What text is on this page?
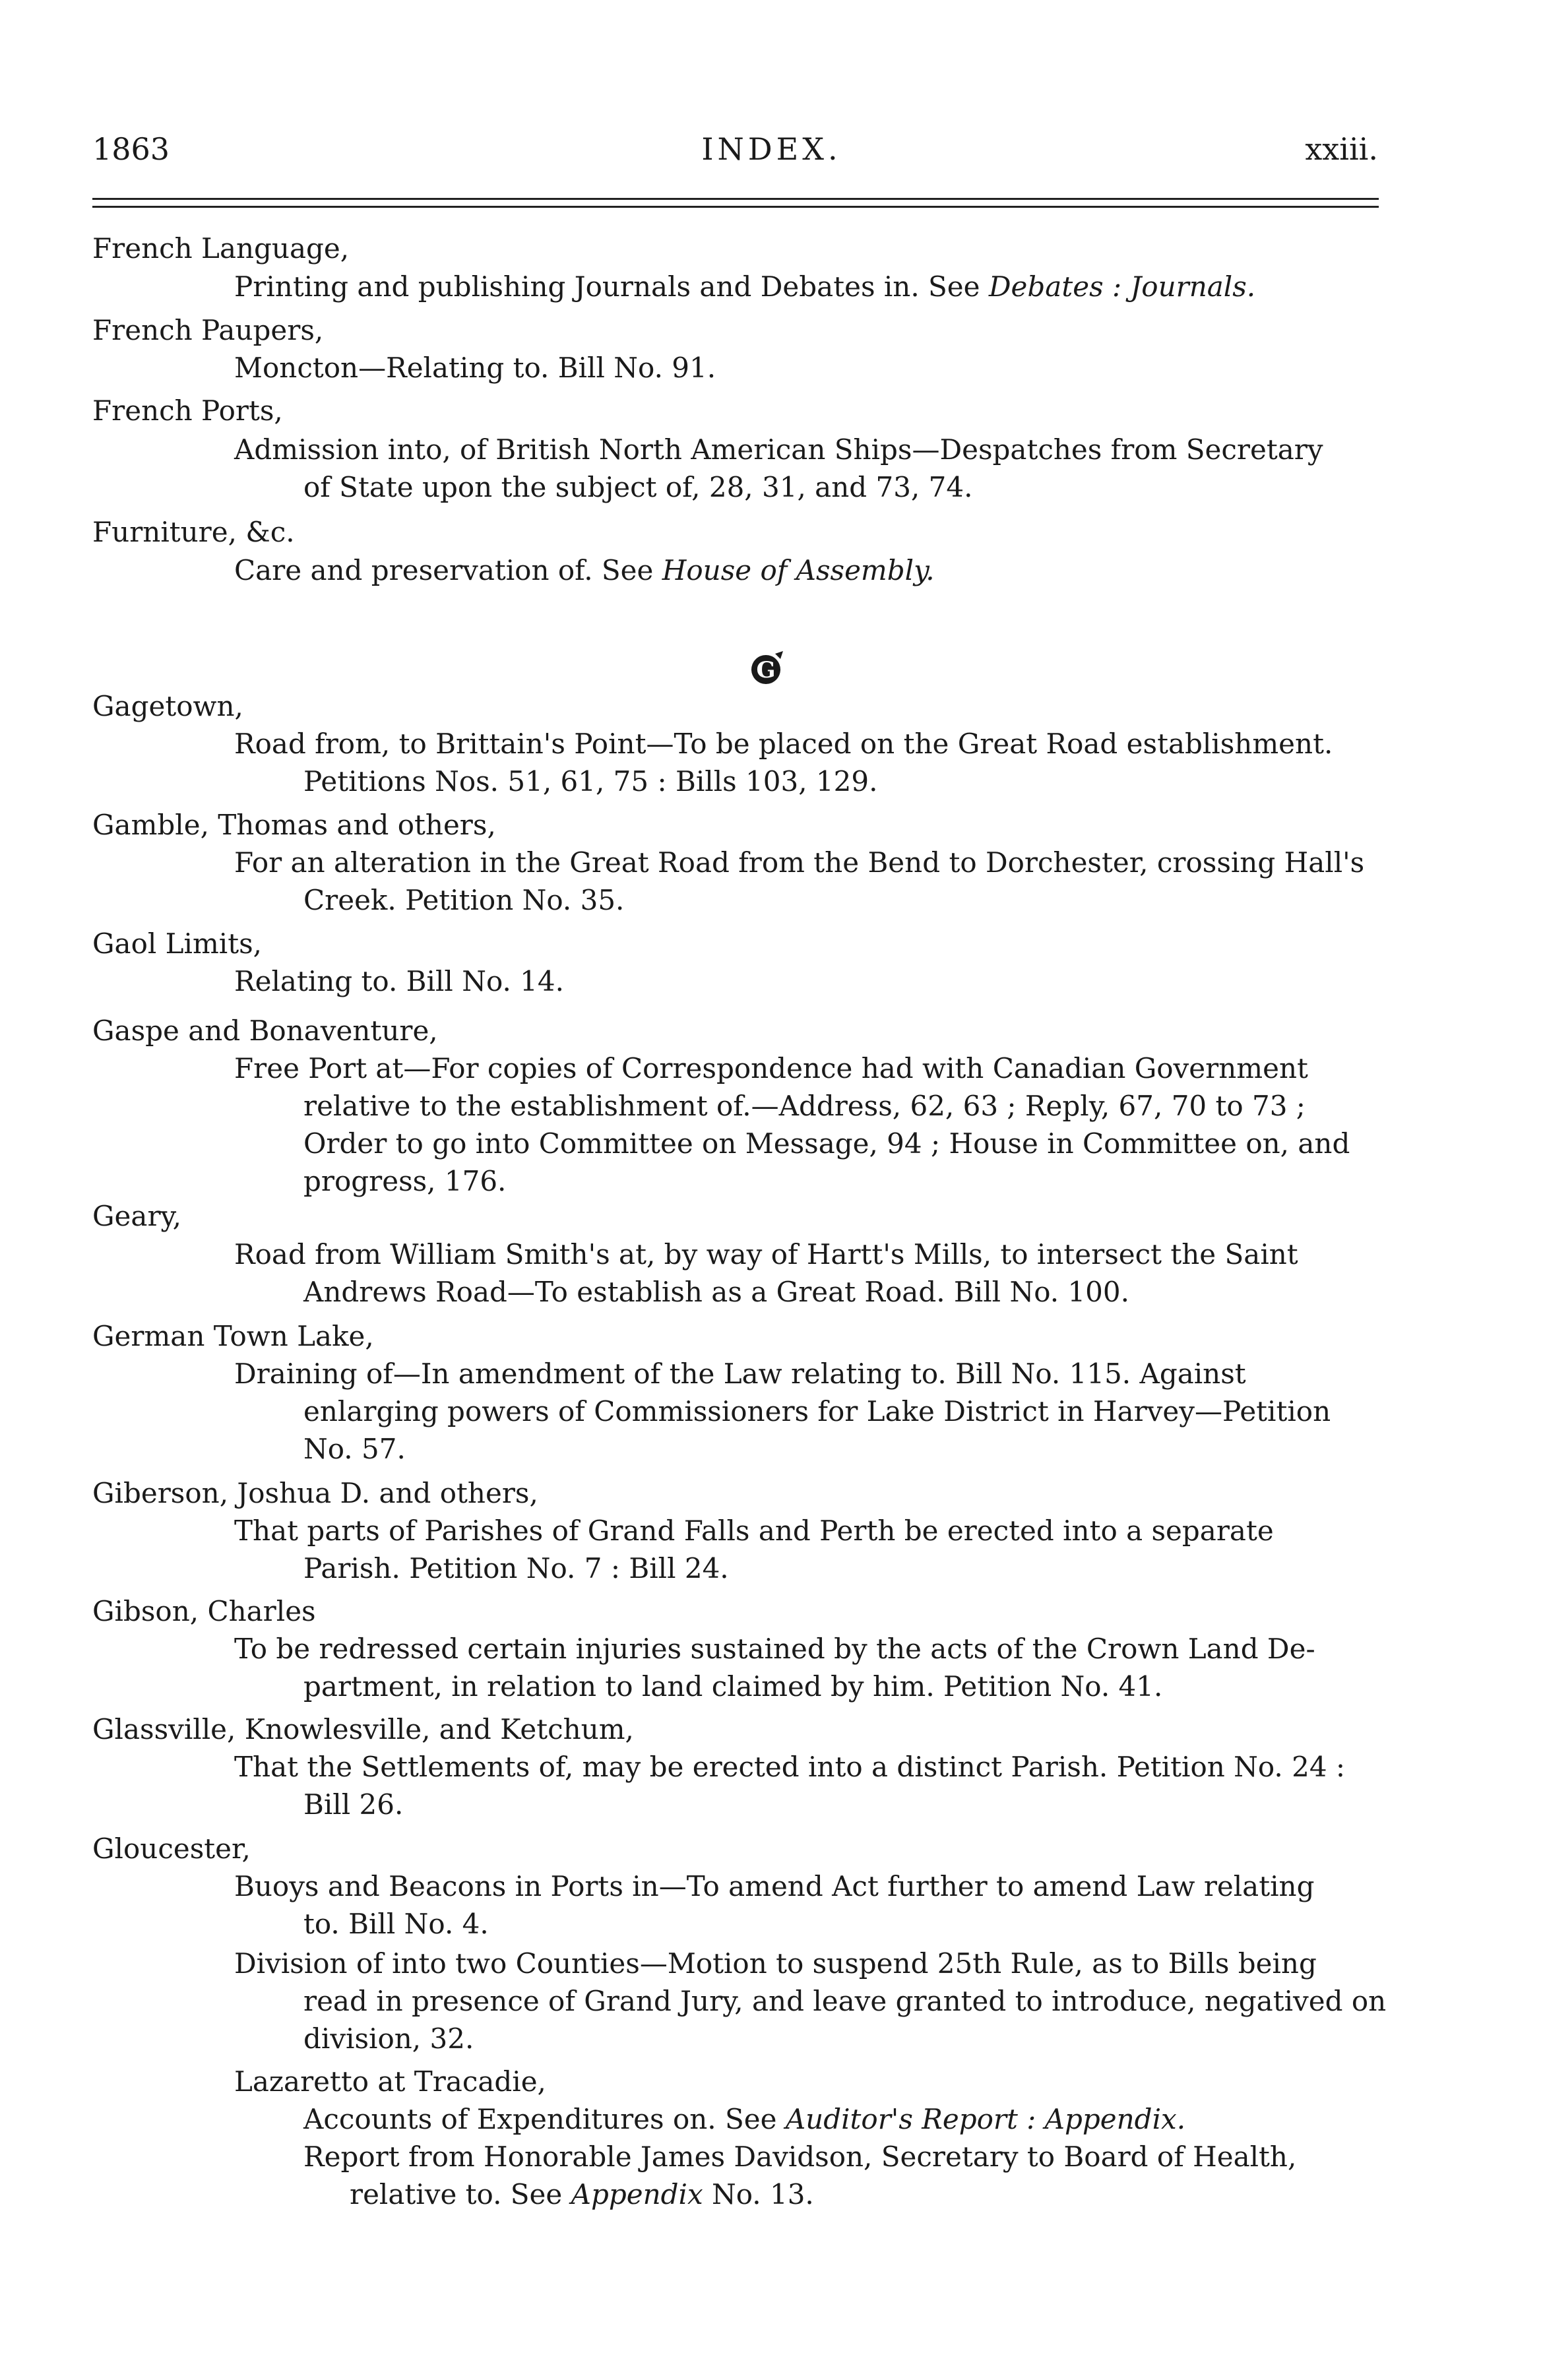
1863	INDEX.	xxiii.
French Language,
Printing and publishing Journals and Debates in. See Debates : Journals.
French Paupers,
Moncton—Relating to. Bill No. 91.
French Ports,
Admission into, of British North American Ships—Despatches from Secretary
of State upon the subject of, 28, 31, and 73, 74.
Furniture, &c.
Care and preservation of. See House of Assembly.
G
Gagetown,
Road from, to Brittain's Point—To be placed on the Great Road establishment.
Petitions Nos. 51, 61, 75 : Bills 103, 129.
Gamble, Thomas and others,
For an alteration in the Great Road from the Bend to Dorchester, crossing Hall's
Creek. Petition No. 35.
Gaol Limits,
Relating to. Bill No. 14.
Gaspe and Bonaventure,
Free Port at—For copies of Correspondence had with Canadian Government
relative to the establishment of.—Address, 62, 63 ; Reply, 67, 70 to 73 ;
Order to go into Committee on Message, 94 ; House in Committee on, and
progress, 176.
Geary,
Road from William Smith's at, by way of Hartt's Mills, to intersect the Saint
Andrews Road—To establish as a Great Road. Bill No. 100.
German Town Lake,
Draining of—In amendment of the Law relating to. Bill No. 115. Against
enlarging powers of Commissioners for Lake District in Harvey—Petition
No. 57.
Giberson, Joshua D. and others,
That parts of Parishes of Grand Falls and Perth be erected into a separate
Parish. Petition No. 7 : Bill 24.
Gibson, Charles
To be redressed certain injuries sustained by the acts of the Crown Land De-
partment, in relation to land claimed by him. Petition No. 41.
Glassville, Knowlesville, and Ketchum,
That the Settlements of, may be erected into a distinct Parish. Petition No. 24 :
Bill 26.
Gloucester,
Buoys and Beacons in Ports in—To amend Act further to amend Law relating
to. Bill No. 4.
Division of into two Counties—Motion to suspend 25th Rule, as to Bills being
read in presence of Grand Jury, and leave granted to introduce, negatived on
division, 32.
Lazaretto at Tracadie,
Accounts of Expenditures on. See Auditor's Report : Appendix.
Report from Honorable James Davidson, Secretary to Board of Health,
relative to. See Appendix No. 13.
